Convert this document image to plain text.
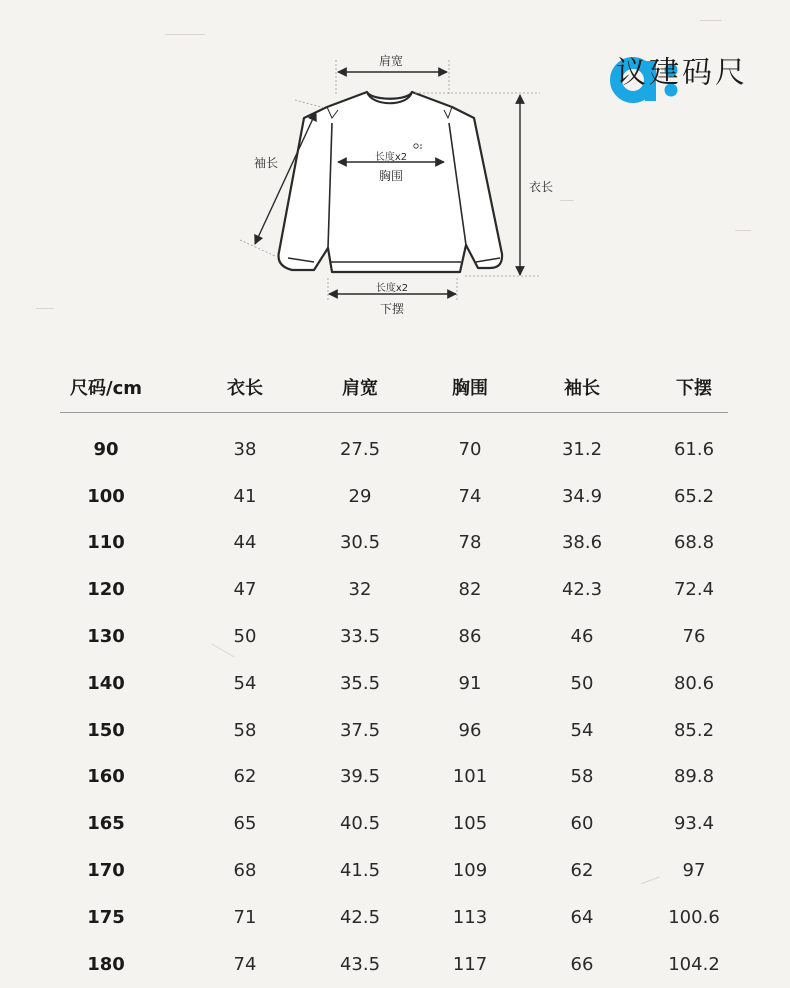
肩宽
袖长
衣长
长度x2
胸围
长度x2
下摆
尺码建议
尺码/cm	衣长	肩宽	胸围	袖长	下摆
90	38	27.5	70	31.2	61.6
100	41	29	74	34.9	65.2
110	44	30.5	78	38.6	68.8
120	47	32	82	42.3	72.4
130	50	33.5	86	46	76
140	54	35.5	91	50	80.6
150	58	37.5	96	54	85.2
160	62	39.5	101	58	89.8
165	65	40.5	105	60	93.4
170	68	41.5	109	62	97
175	71	42.5	113	64	100.6
180	74	43.5	117	66	104.2
